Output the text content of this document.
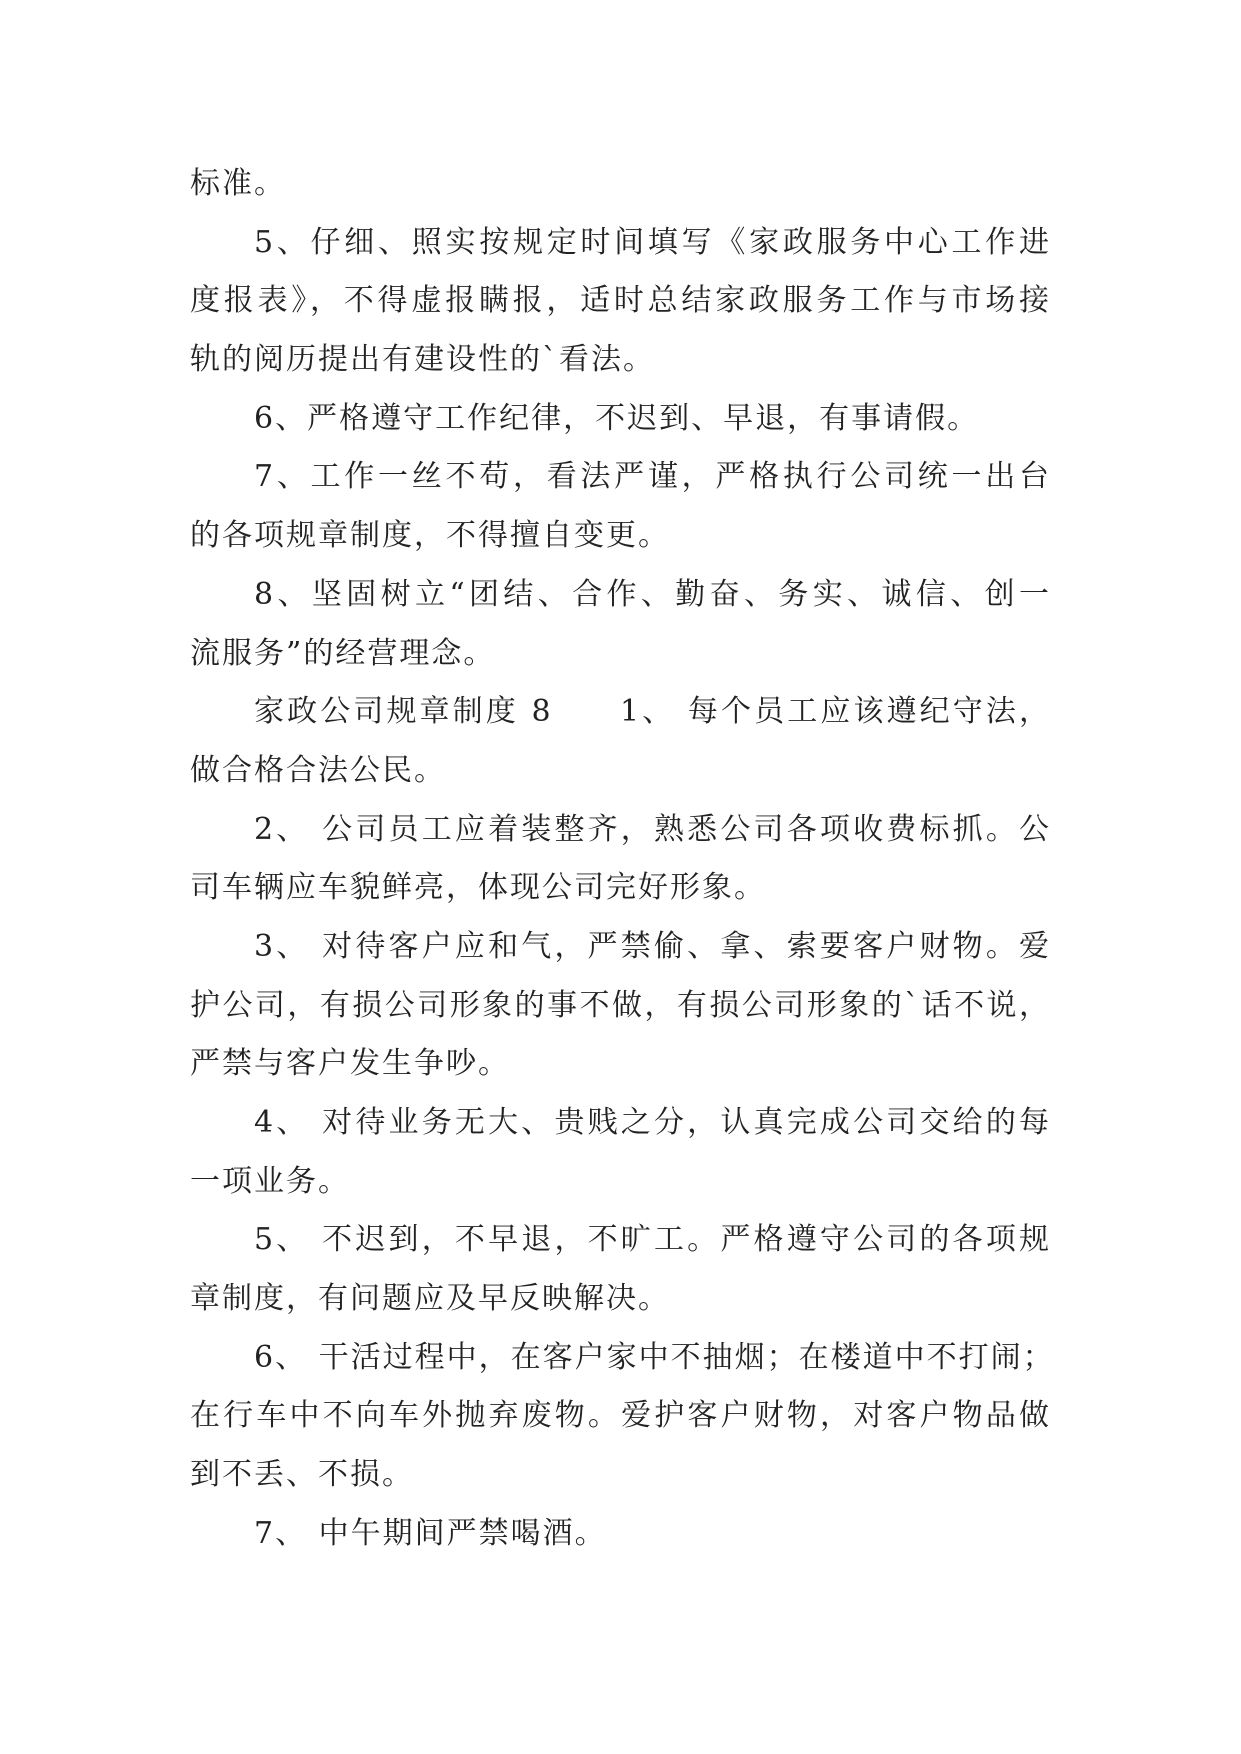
标准。
5、仔细、照实按规定时间填写《家政服务中心工作进
度报表》，不得虚报瞒报，适时总结家政服务工作与市场接
轨的阅历提出有建设性的`看法。
6、严格遵守工作纪律，不迟到、早退，有事请假。
7、工作一丝不苟，看法严谨，严格执行公司统一出台
的各项规章制度，不得擅自变更。
8、坚固树立“团结、合作、勤奋、务实、诚信、创一
流服务”的经营理念。
家政公司规章制度 8　　1、 每个员工应该遵纪守法，
做合格合法公民。
2、 公司员工应着装整齐，熟悉公司各项收费标抓。公
司车辆应车貌鲜亮，体现公司完好形象。
3、 对待客户应和气，严禁偷、拿、索要客户财物。爱
护公司，有损公司形象的事不做，有损公司形象的`话不说，
严禁与客户发生争吵。
4、 对待业务无大、贵贱之分，认真完成公司交给的每
一项业务。
5、 不迟到，不早退，不旷工。严格遵守公司的各项规
章制度，有问题应及早反映解决。
6、 干活过程中，在客户家中不抽烟；在楼道中不打闹；
在行车中不向车外抛弃废物。爱护客户财物，对客户物品做
到不丢、不损。
7、 中午期间严禁喝酒。
